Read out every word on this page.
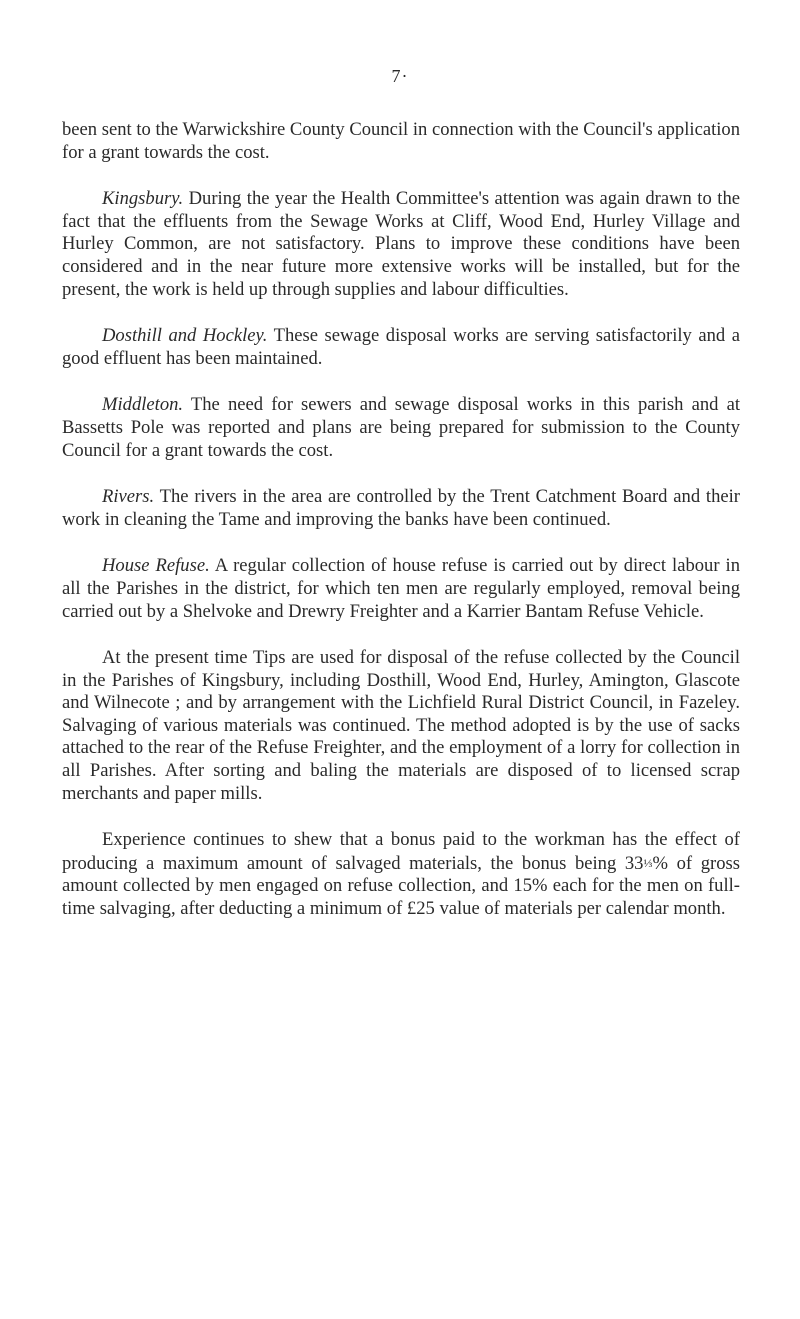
7·

been sent to the Warwickshire County Council in connection with the Council's application for a grant towards the cost.

Kingsbury. During the year the Health Committee's attention was again drawn to the fact that the effluents from the Sewage Works at Cliff, Wood End, Hurley Village and Hurley Common, are not satisfactory. Plans to improve these conditions have been considered and in the near future more extensive works will be installed, but for the present, the work is held up through supplies and labour difficulties.

Dosthill and Hockley. These sewage disposal works are serving satisfactorily and a good effluent has been maintained.

Middleton. The need for sewers and sewage disposal works in this parish and at Bassetts Pole was reported and plans are being prepared for submission to the County Council for a grant towards the cost.

Rivers. The rivers in the area are controlled by the Trent Catchment Board and their work in cleaning the Tame and improving the banks have been continued.

House Refuse. A regular collection of house refuse is carried out by direct labour in all the Parishes in the district, for which ten men are regularly employed, removal being carried out by a Shelvoke and Drewry Freighter and a Karrier Bantam Refuse Vehicle.

At the present time Tips are used for disposal of the refuse collected by the Council in the Parishes of Kingsbury, including Dosthill, Wood End, Hurley, Amington, Glascote and Wilnecote ; and by arrangement with the Lichfield Rural District Council, in Fazeley. Salvaging of various materials was continued. The method adopted is by the use of sacks attached to the rear of the Refuse Freighter, and the employment of a lorry for collection in all Parishes. After sorting and baling the materials are disposed of to licensed scrap merchants and paper mills.

Experience continues to shew that a bonus paid to the workman has the effect of producing a maximum amount of salvaged materials, the bonus being 33⅓% of gross amount collected by men engaged on refuse collection, and 15% each for the men on full-time salvaging, after deducting a minimum of £25 value of materials per calendar month.
